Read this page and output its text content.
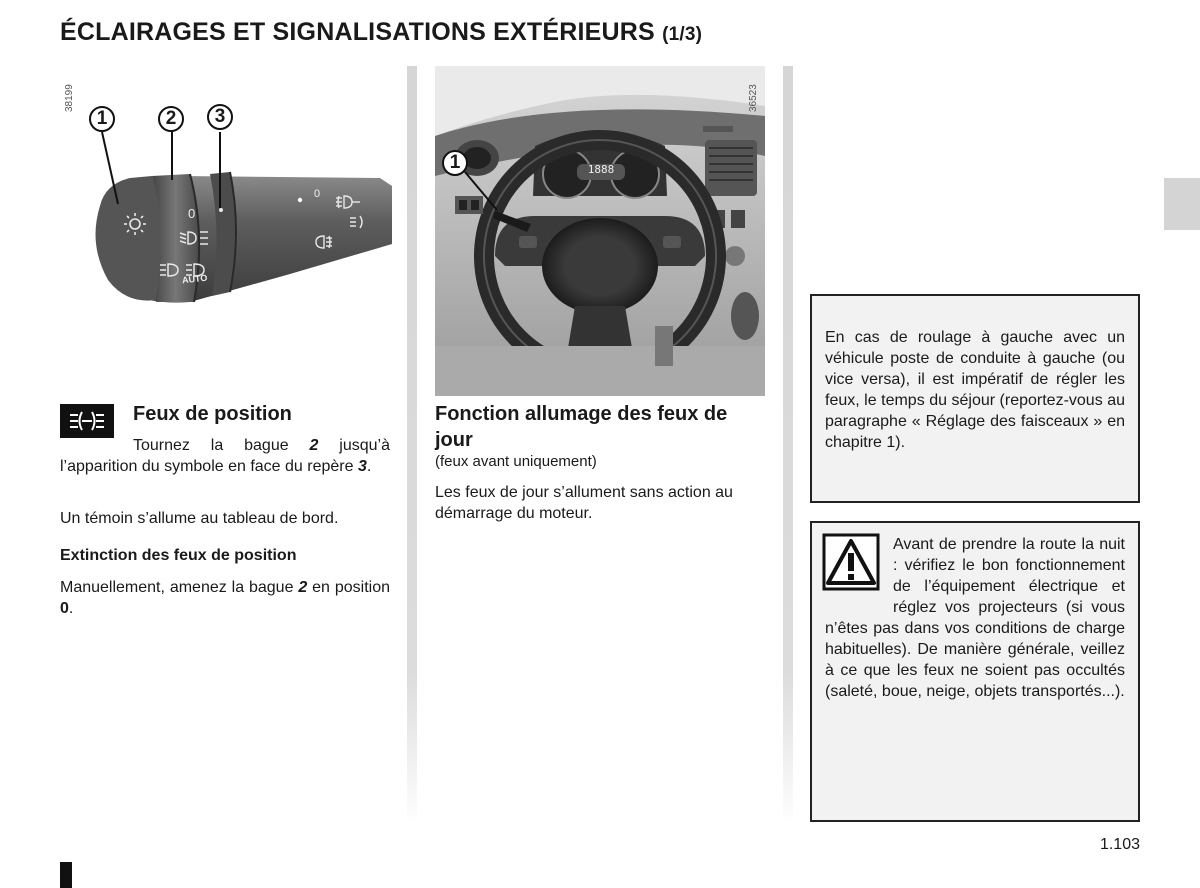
ÉCLAIRAGES ET SIGNALISATIONS EXTÉRIEURS (1/3)
38199
0
0
AUTO
1	2	3
1888
36523
1
Feux de position
Tournez la bague 2 jusqu’à l’apparition du symbole en face du repère 3.
Un témoin s’allume au tableau de bord.
Extinction des feux de position
Manuellement, amenez la bague 2 en position 0.
Fonction allumage des feux de jour
(feux avant uniquement)
Les feux de jour s’allument sans action au démarrage du moteur.
En cas de roulage à gauche avec un véhicule poste de conduite à gauche (ou vice versa), il est impératif de régler les feux, le temps du séjour (reportez-vous au paragraphe « Réglage des faisceaux » en chapitre 1).
Avant de prendre la route la nuit : vérifiez le bon fonctionnement de l’équipement électrique et réglez vos projecteurs (si vous n’êtes pas dans vos conditions de charge habituelles). De manière générale, veillez à ce que les feux ne soient pas occultés (saleté, boue, neige, objets transportés...).
1.103
